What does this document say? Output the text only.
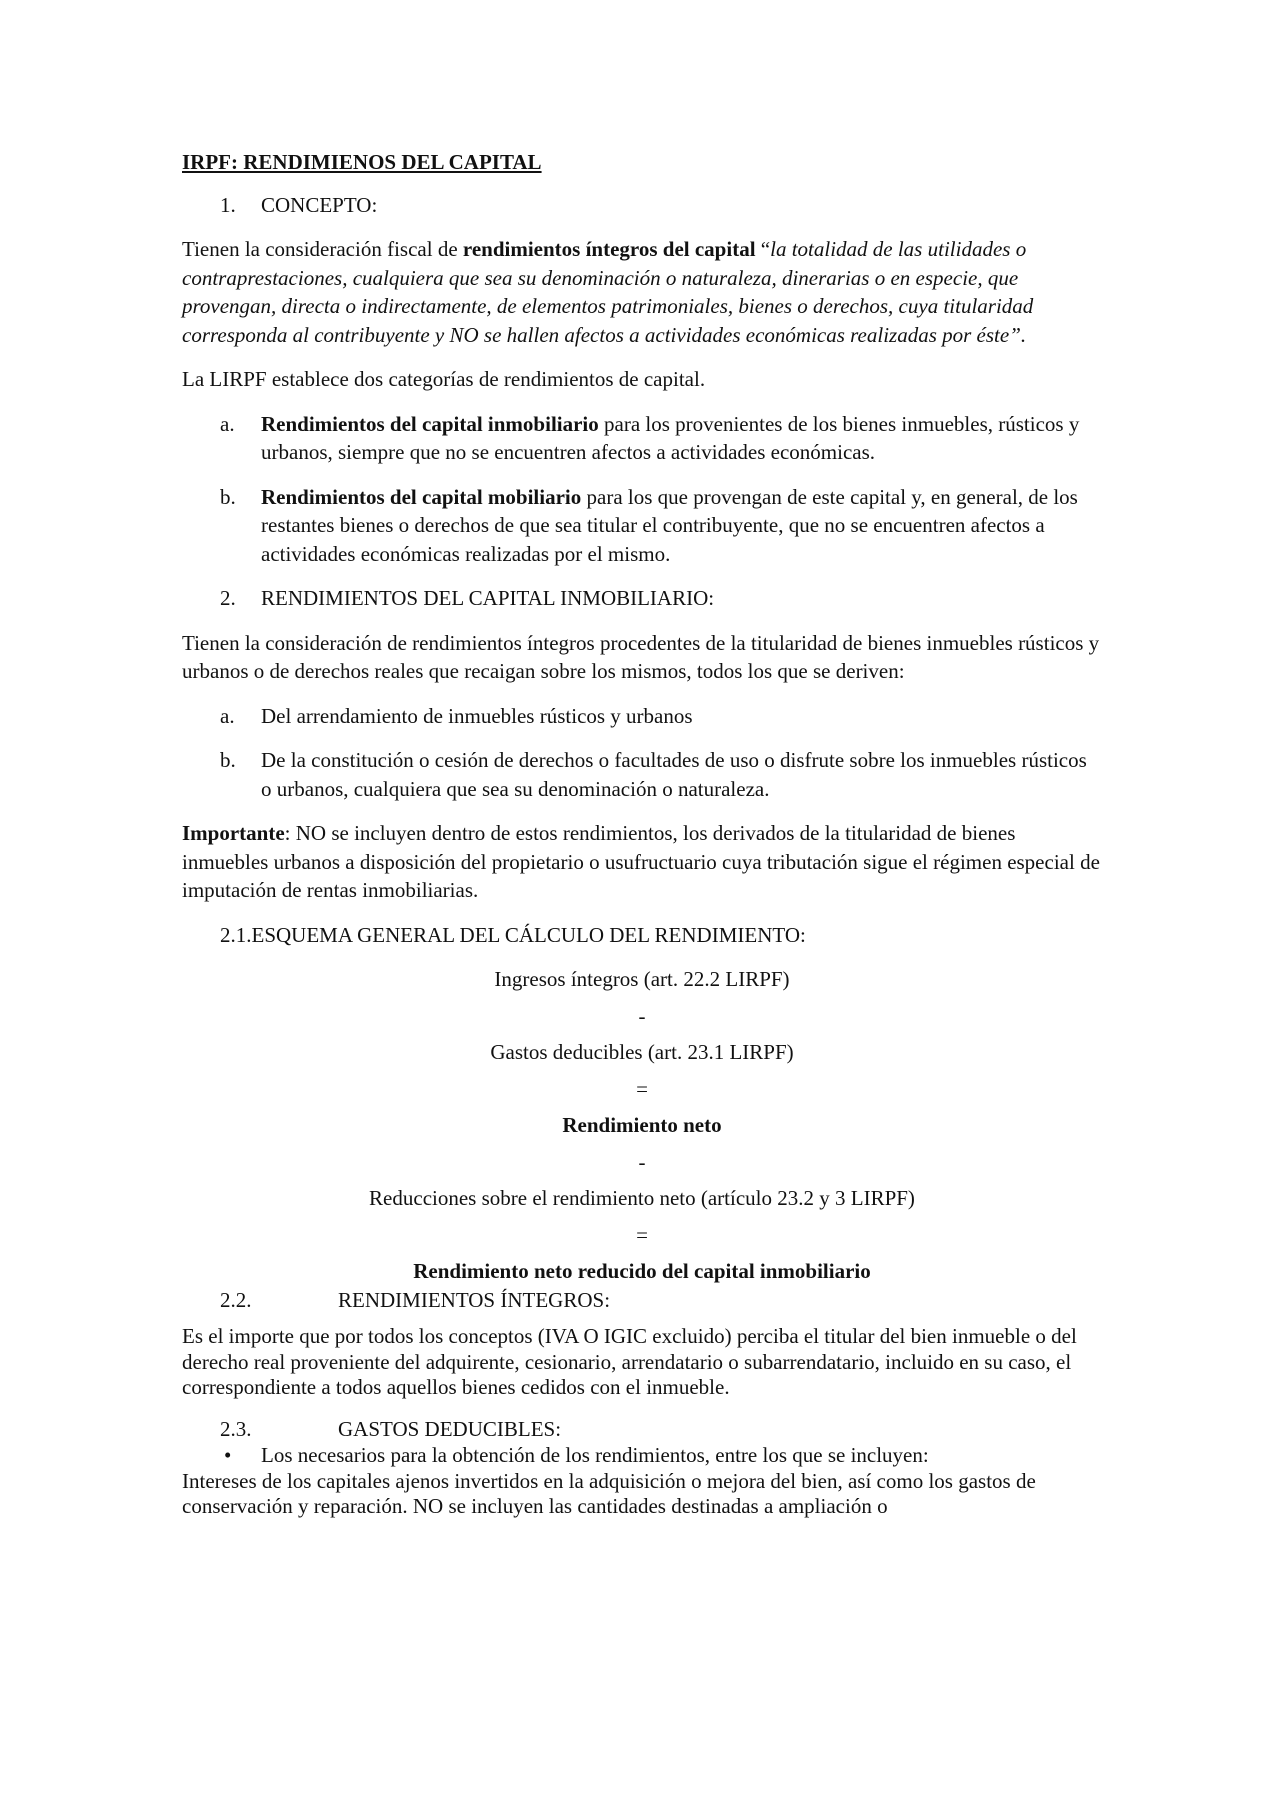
IRPF: RENDIMIENOS DEL CAPITAL

1. CONCEPTO:

Tienen la consideración fiscal de rendimientos íntegros del capital “la totalidad de las utilidades o contraprestaciones, cualquiera que sea su denominación o naturaleza, dinerarias o en especie, que provengan, directa o indirectamente, de elementos patrimoniales, bienes o derechos, cuya titularidad corresponda al contribuyente y NO se hallen afectos a actividades económicas realizadas por éste”.

La LIRPF establece dos categorías de rendimientos de capital.

a. Rendimientos del capital inmobiliario para los provenientes de los bienes inmuebles, rústicos y urbanos, siempre que no se encuentren afectos a actividades económicas.
b. Rendimientos del capital mobiliario para los que provengan de este capital y, en general, de los restantes bienes o derechos de que sea titular el contribuyente, que no se encuentren afectos a actividades económicas realizadas por el mismo.
2. RENDIMIENTOS DEL CAPITAL INMOBILIARIO:

Tienen la consideración de rendimientos íntegros procedentes de la titularidad de bienes inmuebles rústicos y urbanos o de derechos reales que recaigan sobre los mismos, todos los que se deriven:

a. Del arrendamiento de inmuebles rústicos y urbanos
b. De la constitución o cesión de derechos o facultades de uso o disfrute sobre los inmuebles rústicos o urbanos, cualquiera que sea su denominación o naturaleza.

Importante: NO se incluyen dentro de estos rendimientos, los derivados de la titularidad de bienes inmuebles urbanos a disposición del propietario o usufructuario cuya tributación sigue el régimen especial de imputación de rentas inmobiliarias.

2.1.ESQUEMA GENERAL DEL CÁLCULO DEL RENDIMIENTO:

Ingresos íntegros (art. 22.2 LIRPF)

-

Gastos deducibles (art. 23.1 LIRPF)

=

Rendimiento neto

-

Reducciones sobre el rendimiento neto (artículo 23.2 y 3 LIRPF)

=

Rendimiento neto reducido del capital inmobiliario

2.2.	RENDIMIENTOS ÍNTEGROS:

Es el importe que por todos los conceptos (IVA O IGIC excluido) perciba el titular del bien inmueble o del derecho real proveniente del adquirente, cesionario, arrendatario o subarrendatario, incluido en su caso, el correspondiente a todos aquellos bienes cedidos con el inmueble.

2.3.	GASTOS DEDUCIBLES:
• Los necesarios para la obtención de los rendimientos, entre los que se incluyen:

Intereses de los capitales ajenos invertidos en la adquisición o mejora del bien, así como los gastos de conservación y reparación. NO se incluyen las cantidades destinadas a ampliación o
